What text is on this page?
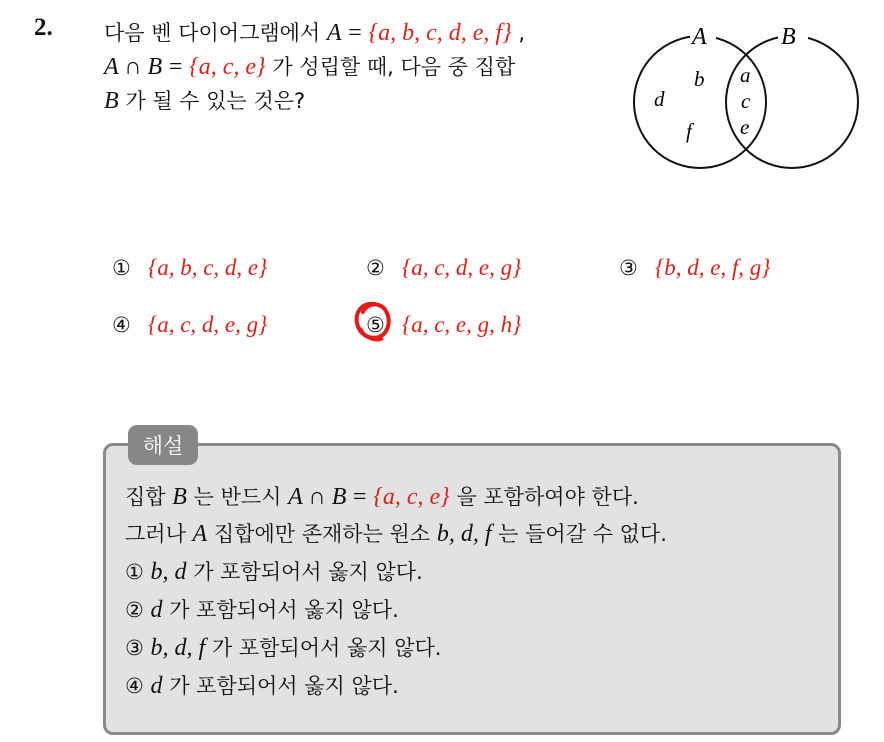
2. 다음 벤 다이어그램에서 A = {a, b, c, d, e, f} ,
A ∩ B = {a, c, e} 가 성립할 때, 다음 중 집합
B 가 될 수 있는 것은?
A	B
b
d
f
a
c
e
① {a, b, c, d, e}	② {a, c, d, e, g}	③ {b, d, e, f, g}
④ {a, c, d, e, g}	⑤ {a, c, e, g, h}
해설
집합 B 는 반드시 A ∩ B = {a, c, e} 을 포함하여야 한다.
그러나 A 집합에만 존재하는 원소 b, d, f 는 들어갈 수 없다.
① b, d 가 포함되어서 옳지 않다.
② d 가 포함되어서 옳지 않다.
③ b, d, f 가 포함되어서 옳지 않다.
④ d 가 포함되어서 옳지 않다.
